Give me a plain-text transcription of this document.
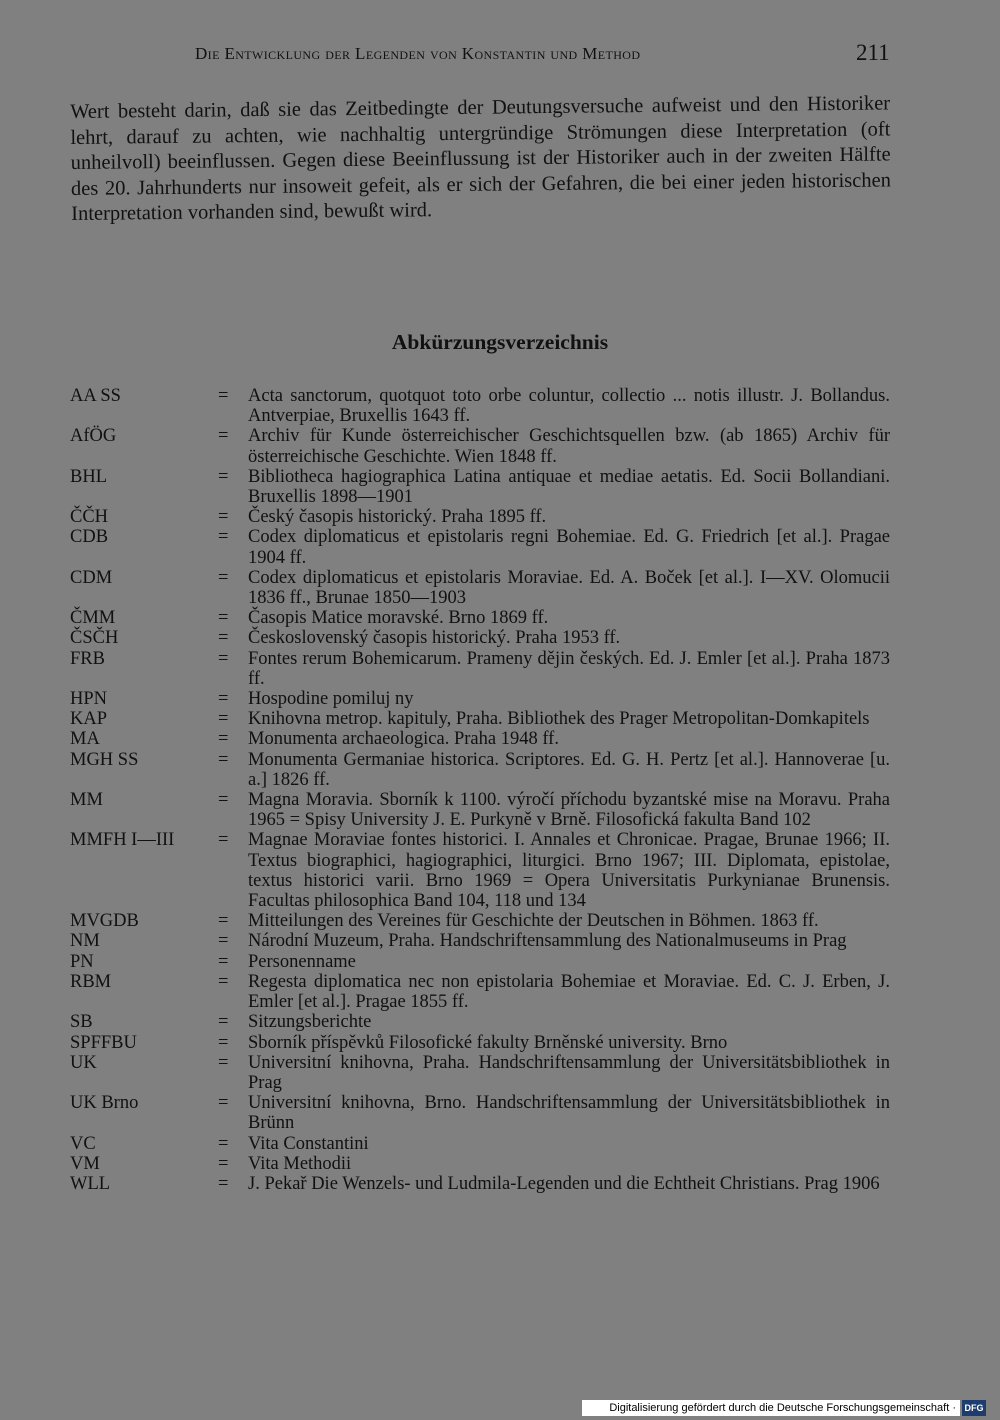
Die Entwicklung der Legenden von Konstantin und Method	211

Wert besteht darin, daß sie das Zeitbedingte der Deutungsversuche aufweist und den Historiker lehrt, darauf zu achten, wie nachhaltig untergründige Strömungen diese Interpretation (oft unheilvoll) beeinflussen. Gegen diese Beeinflussung ist der Historiker auch in der zweiten Hälfte des 20. Jahrhunderts nur insoweit gefeit, als er sich der Gefahren, die bei einer jeden historischen Interpretation vorhanden sind, bewußt wird.

Abkürzungsverzeichnis
AA SS	=	Acta sanctorum, quotquot toto orbe coluntur, collectio ... notis illustr. J. Bollandus. Antverpiae, Bruxellis 1643 ff.
AfÖG	=	Archiv für Kunde österreichischer Geschichtsquellen bzw. (ab 1865) Archiv für österreichische Geschichte. Wien 1848 ff.
BHL	=	Bibliotheca hagiographica Latina antiquae et mediae aetatis. Ed. Socii Bollandiani. Bruxellis 1898—1901
ČČH	=	Český časopis historický. Praha 1895 ff.
CDB	=	Codex diplomaticus et epistolaris regni Bohemiae. Ed. G. Friedrich [et al.]. Pragae 1904 ff.
CDM	=	Codex diplomaticus et epistolaris Moraviae. Ed. A. Boček [et al.]. I—XV. Olomucii 1836 ff., Brunae 1850—1903
ČMM	=	Časopis Matice moravské. Brno 1869 ff.
ČSČH	=	Československý časopis historický. Praha 1953 ff.
FRB	=	Fontes rerum Bohemicarum. Prameny dějin českých. Ed. J. Emler [et al.]. Praha 1873 ff.
HPN	=	Hospodine pomiluj ny
KAP	=	Knihovna metrop. kapituly, Praha. Bibliothek des Prager Metropolitan-Domkapitels
MA	=	Monumenta archaeologica. Praha 1948 ff.
MGH SS	=	Monumenta Germaniae historica. Scriptores. Ed. G. H. Pertz [et al.]. Hannoverae [u. a.] 1826 ff.
MM	=	Magna Moravia. Sborník k 1100. výročí příchodu byzantské mise na Moravu. Praha 1965 = Spisy University J. E. Purkyně v Brně. Filosofická fakulta Band 102
MMFH I—III	=	Magnae Moraviae fontes historici. I. Annales et Chronicae. Pragae, Brunae 1966; II. Textus biographici, hagiographici, liturgici. Brno 1967; III. Diplomata, epistolae, textus historici varii. Brno 1969 = Opera Universitatis Purkynianae Brunensis. Facultas philosophica Band 104, 118 und 134
MVGDB	=	Mitteilungen des Vereines für Geschichte der Deutschen in Böhmen. 1863 ff.
NM	=	Národní Muzeum, Praha. Handschriftensammlung des Nationalmuseums in Prag
PN	=	Personenname
RBM	=	Regesta diplomatica nec non epistolaria Bohemiae et Moraviae. Ed. C. J. Erben, J. Emler [et al.]. Pragae 1855 ff.
SB	=	Sitzungsberichte
SPFFBU	=	Sborník příspěvků Filosofické fakulty Brněnské university. Brno
UK	=	Universitní knihovna, Praha. Handschriftensammlung der Universitätsbibliothek in Prag
UK Brno	=	Universitní knihovna, Brno. Handschriftensammlung der Universitätsbibliothek in Brünn
VC	=	Vita Constantini
VM	=	Vita Methodii
WLL	=	J. Pekař Die Wenzels- und Ludmila-Legenden und die Echtheit Christians. Prag 1906
Digitalisierung gefördert durch die Deutsche Forschungsgemeinschaft · DFG
